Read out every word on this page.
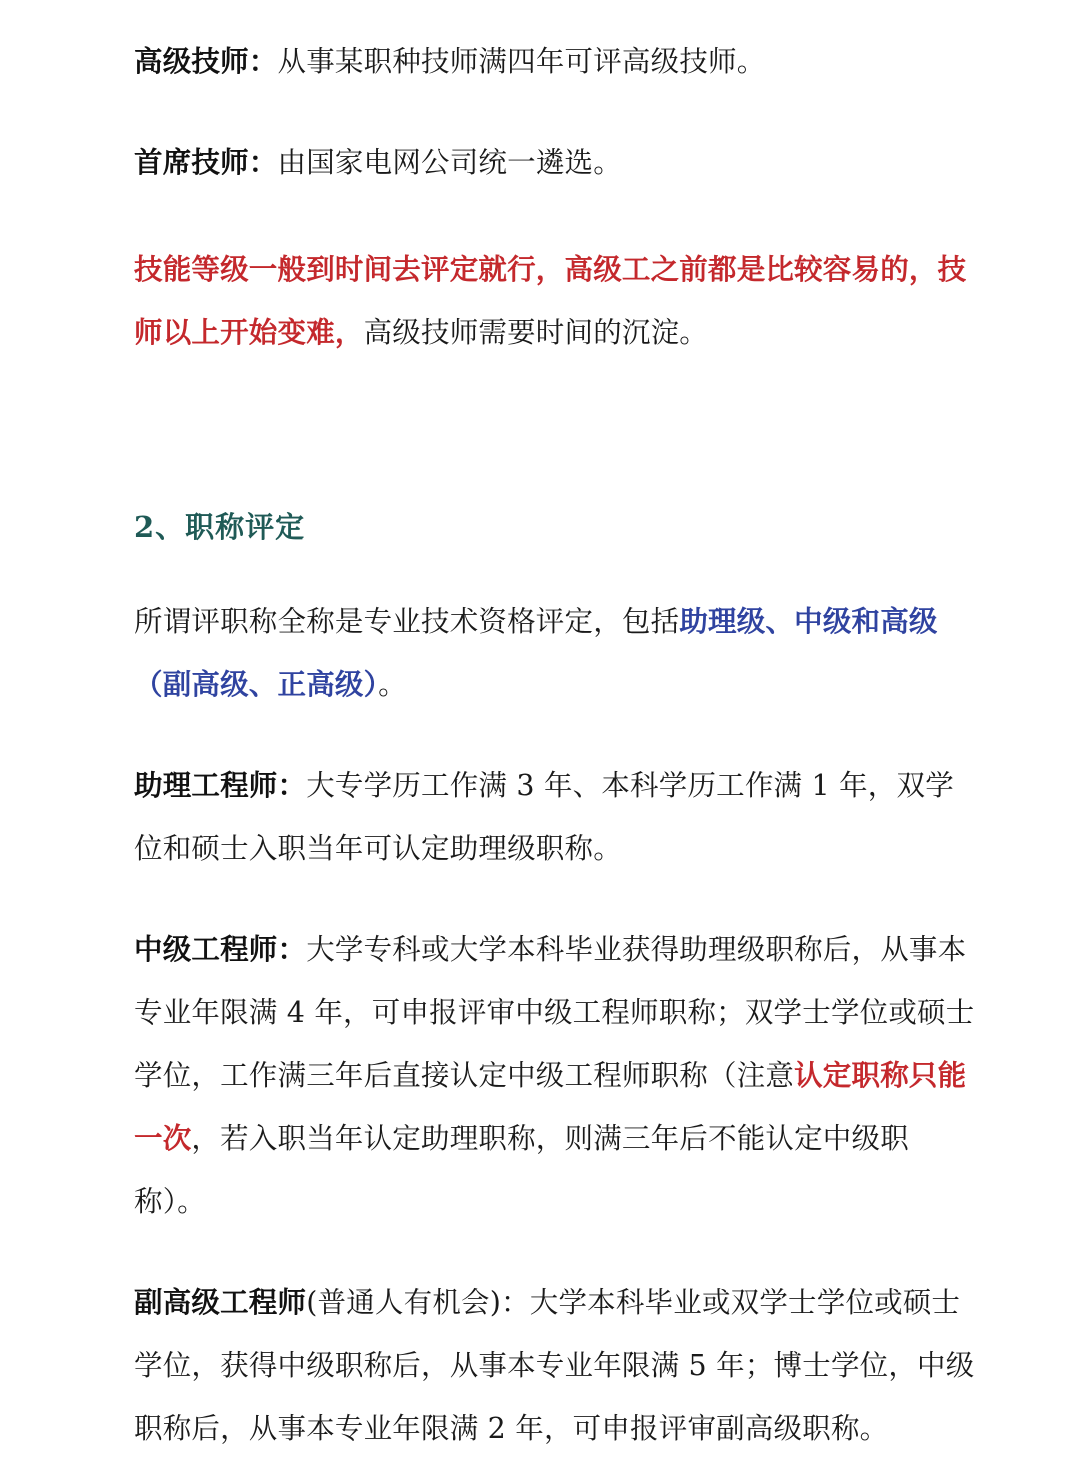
高级技师：从事某职种技师满四年可评高级技师。

首席技师：由国家电网公司统一遴选。

技能等级一般到时间去评定就行，高级工之前都是比较容易的，技师以上开始变难，高级技师需要时间的沉淀。

2、职称评定

所谓评职称全称是专业技术资格评定，包括助理级、中级和高级（副高级、正高级）。

助理工程师：大专学历工作满 3 年、本科学历工作满 1 年，双学位和硕士入职当年可认定助理级职称。

中级工程师：大学专科或大学本科毕业获得助理级职称后，从事本专业年限满 4 年，可申报评审中级工程师职称；双学士学位或硕士学位，工作满三年后直接认定中级工程师职称（注意认定职称只能一次，若入职当年认定助理职称，则满三年后不能认定中级职称）。

副高级工程师(普通人有机会)：大学本科毕业或双学士学位或硕士学位，获得中级职称后，从事本专业年限满 5 年；博士学位，中级职称后，从事本专业年限满 2 年，可申报评审副高级职称。
